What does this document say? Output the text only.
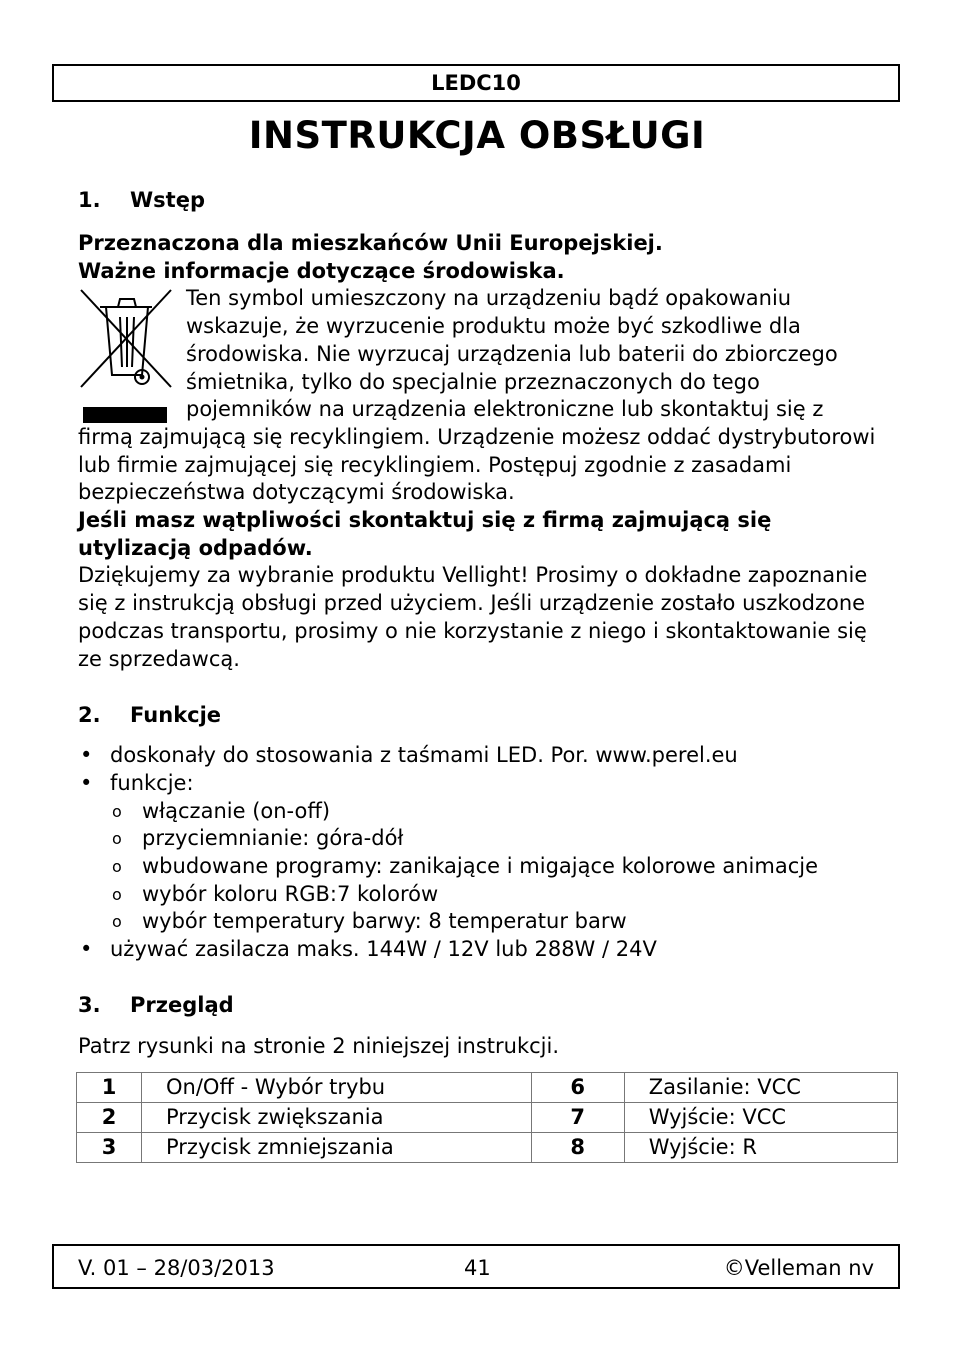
LEDC10
INSTRUKCJA OBSŁUGI
1. Wstęp

Przeznaczona dla mieszkańców Unii Europejskiej.

Ważne informacje dotyczące środowiska.

Ten symbol umieszczony na urządzeniu bądź opakowaniu wskazuje, że wyrzucenie produktu może być szkodliwe dla środowiska. Nie wyrzucaj urządzenia lub baterii do zbiorczego śmietnika, tylko do specjalnie przeznaczonych do tego pojemników na urządzenia elektroniczne lub skontaktuj się z firmą zajmującą się recyklingiem. Urządzenie możesz oddać dystrybutorowi lub firmie zajmującej się recyklingiem. Postępuj zgodnie z zasadami bezpieczeństwa dotyczącymi środowiska.

Jeśli masz wątpliwości skontaktuj się z firmą zajmującą się utylizacją odpadów.

Dziękujemy za wybranie produktu Vellight! Prosimy o dokładne zapoznanie się z instrukcją obsługi przed użyciem. Jeśli urządzenie zostało uszkodzone podczas transportu, prosimy o nie korzystanie z niego i skontaktowanie się ze sprzedawcą.

2. Funkcje
• doskonały do stosowania z taśmami LED. Por. www.perel.eu
• funkcje:
o włączanie (on-off)
o przyciemnianie: góra-dół
o wbudowane programy: zanikające i migające kolorowe animacje
o wybór koloru RGB:7 kolorów
o wybór temperatury barwy: 8 temperatur barw
• używać zasilacza maks. 144W / 12V lub 288W / 24V
3. Przegląd

Patrz rysunki na stronie 2 niniejszej instrukcji.

1	On/Off - Wybór trybu	6	Zasilanie: VCC
2	Przycisk zwiększania	7	Wyjście: VCC
3	Przycisk zmniejszania	8	Wyjście: R
V. 01 – 28/03/2013	41	©Velleman nv
